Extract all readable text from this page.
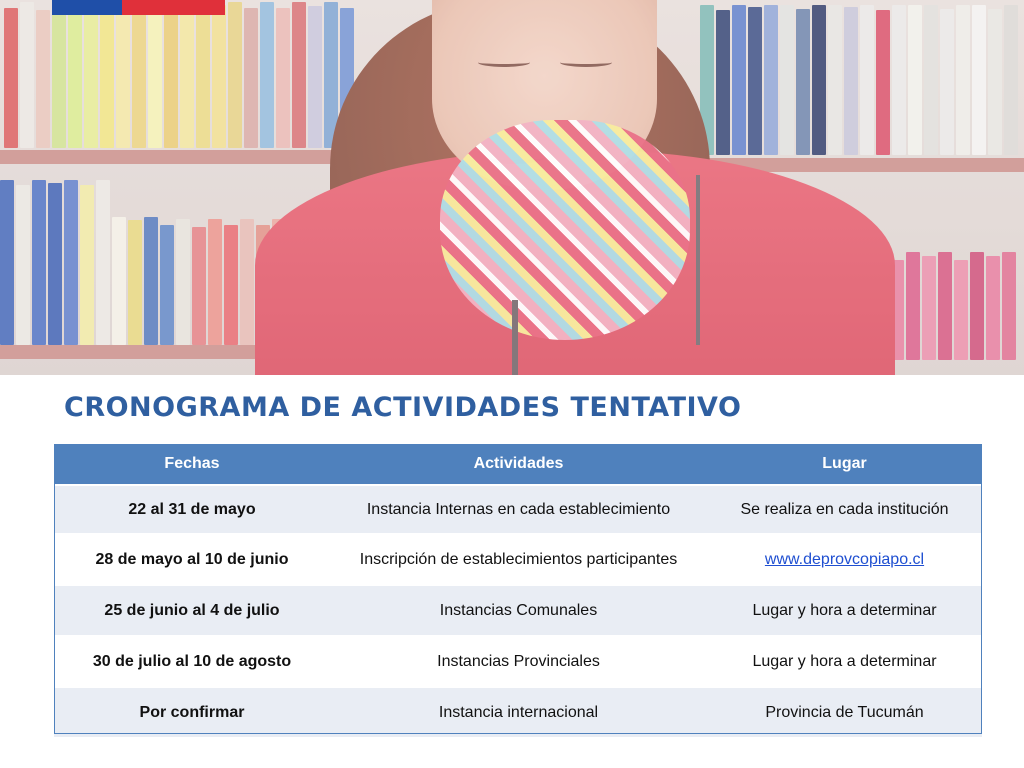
CRONOGRAMA DE ACTIVIDADES TENTATIVO
Fechas	Actividades	Lugar
22 al 31 de mayo	Instancia Internas en cada establecimiento	Se realiza en cada institución
28 de mayo al 10 de junio	Inscripción de establecimientos participantes	www.deprovcopiapo.cl
25 de junio al 4 de julio	Instancias Comunales	Lugar y hora a determinar
30 de julio al 10 de agosto	Instancias Provinciales	Lugar y hora a determinar
Por confirmar	Instancia internacional	Provincia de Tucumán
